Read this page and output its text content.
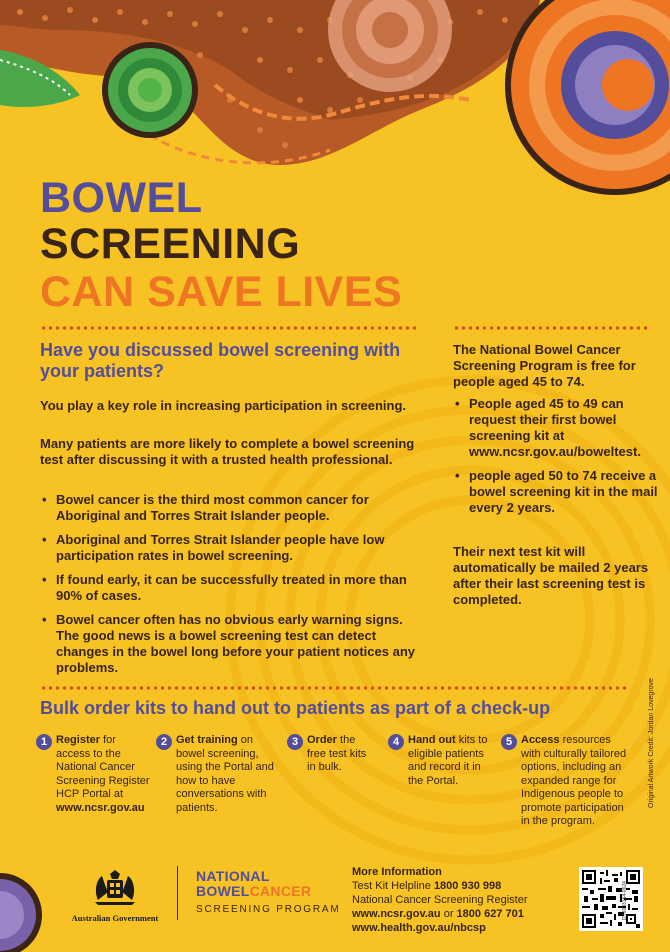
BOWEL
SCREENING
CAN SAVE LIVES
Have you discussed bowel screening with your patients?
You play a key role in increasing participation in screening.
Many patients are more likely to complete a bowel screening test after discussing it with a trusted health professional.
• Bowel cancer is the third most common cancer for Aboriginal and Torres Strait Islander people.
• Aboriginal and Torres Strait Islander people have low participation rates in bowel screening.
• If found early, it can be successfully treated in more than 90% of cases.
• Bowel cancer often has no obvious early warning signs. The good news is a bowel screening test can detect changes in the bowel long before your patient notices any problems.
The National Bowel Cancer Screening Program is free for people aged 45 to 74.
• People aged 45 to 49 can request their first bowel screening kit at www.ncsr.gov.au/boweltest.
• people aged 50 to 74 receive a bowel screening kit in the mail every 2 years.
Their next test kit will automatically be mailed 2 years after their last screening test is completed.
Bulk order kits to hand out to patients as part of a check-up
1 Register for access to the National Cancer Screening Register HCP Portal at www.ncsr.gov.au
2 Get training on bowel screening, using the Portal and how to have conversations with patients.
3 Order the free test kits in bulk.
4 Hand out kits to eligible patients and record it in the Portal.
5 Access resources with culturally tailored options, including an expanded range for Indigenous people to promote participation in the program.
Australian Government
NATIONAL
BOWELCANCER
SCREENING PROGRAM
More Information
Test Kit Helpline 1800 930 998
National Cancer Screening Register
www.ncsr.gov.au or 1800 627 701
www.health.gov.au/nbcsp
Original Artwork Credit: Jordan Lovegrove
DT0003154-0624
